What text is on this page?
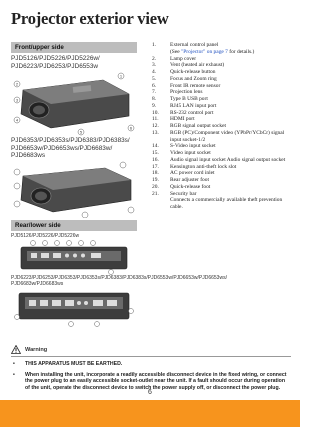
Projector exterior view
Front/upper side
PJD5126/PJD5226/PJD5226w/ PJD6223/PJD6253/PJD6553w
1
2
3
4
5
6
PJD6353/PJD6353s/PJD6383/PJD6383s/ PJD6653w/PJD6653ws/PJD6683w/ PJD6683ws
Rear/lower side
PJD5126/PJD5226/PJD5226w
PJD6223/PJD6253/PJD6353/PJD6353s/PJD6383/PJD6383s/PJD6553w/PJD6653w/PJD6653ws/ PJD6683w/PJD6683ws
1.	External control panel
(See "Projector" on page 7 for details.)
2.	Lamp cover
3.	Vent (heated air exhaust)
4.	Quick-release button
5.	Focus and Zoom ring
6.	Front IR remote sensor
7.	Projection lens
8.	Type B USB port
9.	RJ45 LAN input port
10. RS-232 control port
11. HDMI port
12. RGB signal output socket
13. RGB (PC)/Component video (YPbPr/YCbCr) signal input socket-1/2
14. S-Video input socket
15. Video input socket
16. Audio signal input socket Audio signal output socket
17. Kensington anti-theft lock slot
18. AC power cord inlet
19. Rear adjuster foot
20. Quick-release foot
21. Security bar
Connects a commercially available theft prevention cable.
Warning
• THIS APPARATUS MUST BE EARTHED.
• When installing the unit, incorporate a readily accessible disconnect device in the fixed wiring, or connect the power plug to an easily accessible socket-outlet near the unit. If a fault should occur during operation of the unit, operate the disconnect device to switch the power supply off, or disconnect the power plug.
6
